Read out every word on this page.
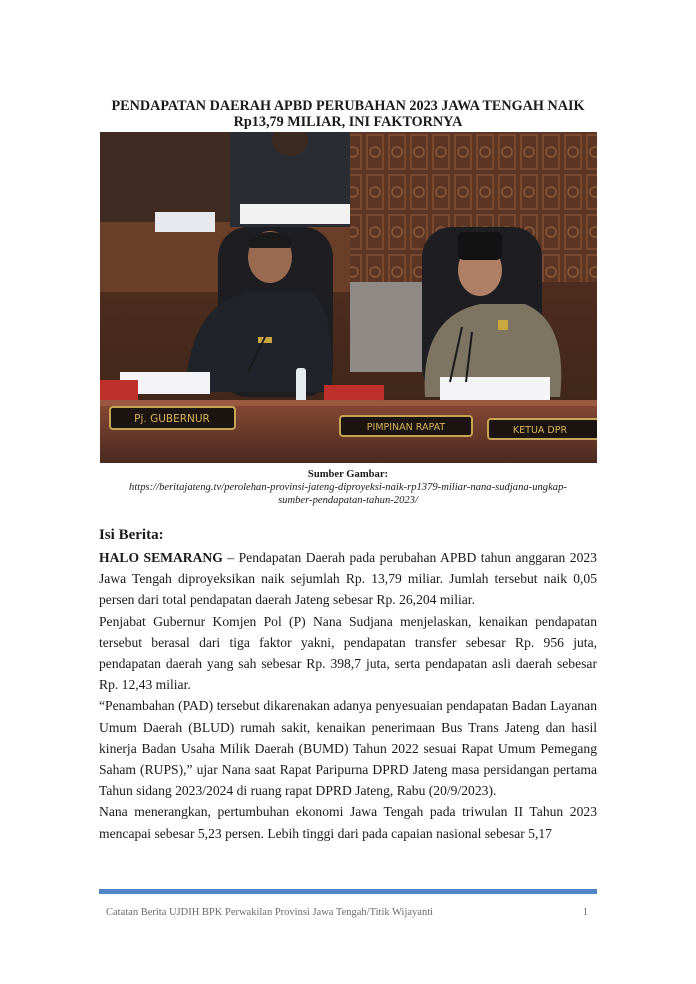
PENDAPATAN DAERAH APBD PERUBAHAN 2023 JAWA TENGAH NAIK
Rp13,79 MILIAR, INI FAKTORNYA
Pj. GUBERNUR
PIMPINAN RAPAT	KETUA DPR
Sumber Gambar:
https://beritajateng.tv/perolehan-provinsi-jateng-diproyeksi-naik-rp1379-miliar-nana-sudjana-ungkap-
sumber-pendapatan-tahun-2023/
Isi Berita:

HALO SEMARANG – Pendapatan Daerah pada perubahan APBD tahun anggaran 2023 Jawa Tengah diproyeksikan naik sejumlah Rp. 13,79 miliar. Jumlah tersebut naik 0,05 persen dari total pendapatan daerah Jateng sebesar Rp. 26,204 miliar.

Penjabat Gubernur Komjen Pol (P) Nana Sudjana menjelaskan, kenaikan pendapatan tersebut berasal dari tiga faktor yakni, pendapatan transfer sebesar Rp. 956 juta, pendapatan daerah yang sah sebesar Rp. 398,7 juta, serta pendapatan asli daerah sebesar Rp. 12,43 miliar.

“Penambahan (PAD) tersebut dikarenakan adanya penyesuaian pendapatan Badan Layanan Umum Daerah (BLUD) rumah sakit, kenaikan penerimaan Bus Trans Jateng dan hasil kinerja Badan Usaha Milik Daerah (BUMD) Tahun 2022 sesuai Rapat Umum Pemegang Saham (RUPS),” ujar Nana saat Rapat Paripurna DPRD Jateng masa persidangan pertama Tahun sidang 2023/2024 di ruang rapat DPRD Jateng, Rabu (20/9/2023).

Nana menerangkan, pertumbuhan ekonomi Jawa Tengah pada triwulan II Tahun 2023 mencapai sebesar 5,23 persen. Lebih tinggi dari pada capaian nasional sebesar 5,17

Catatan Berita UJDIH BPK Perwakilan Provinsi Jawa Tengah/Titik Wijayanti	1
